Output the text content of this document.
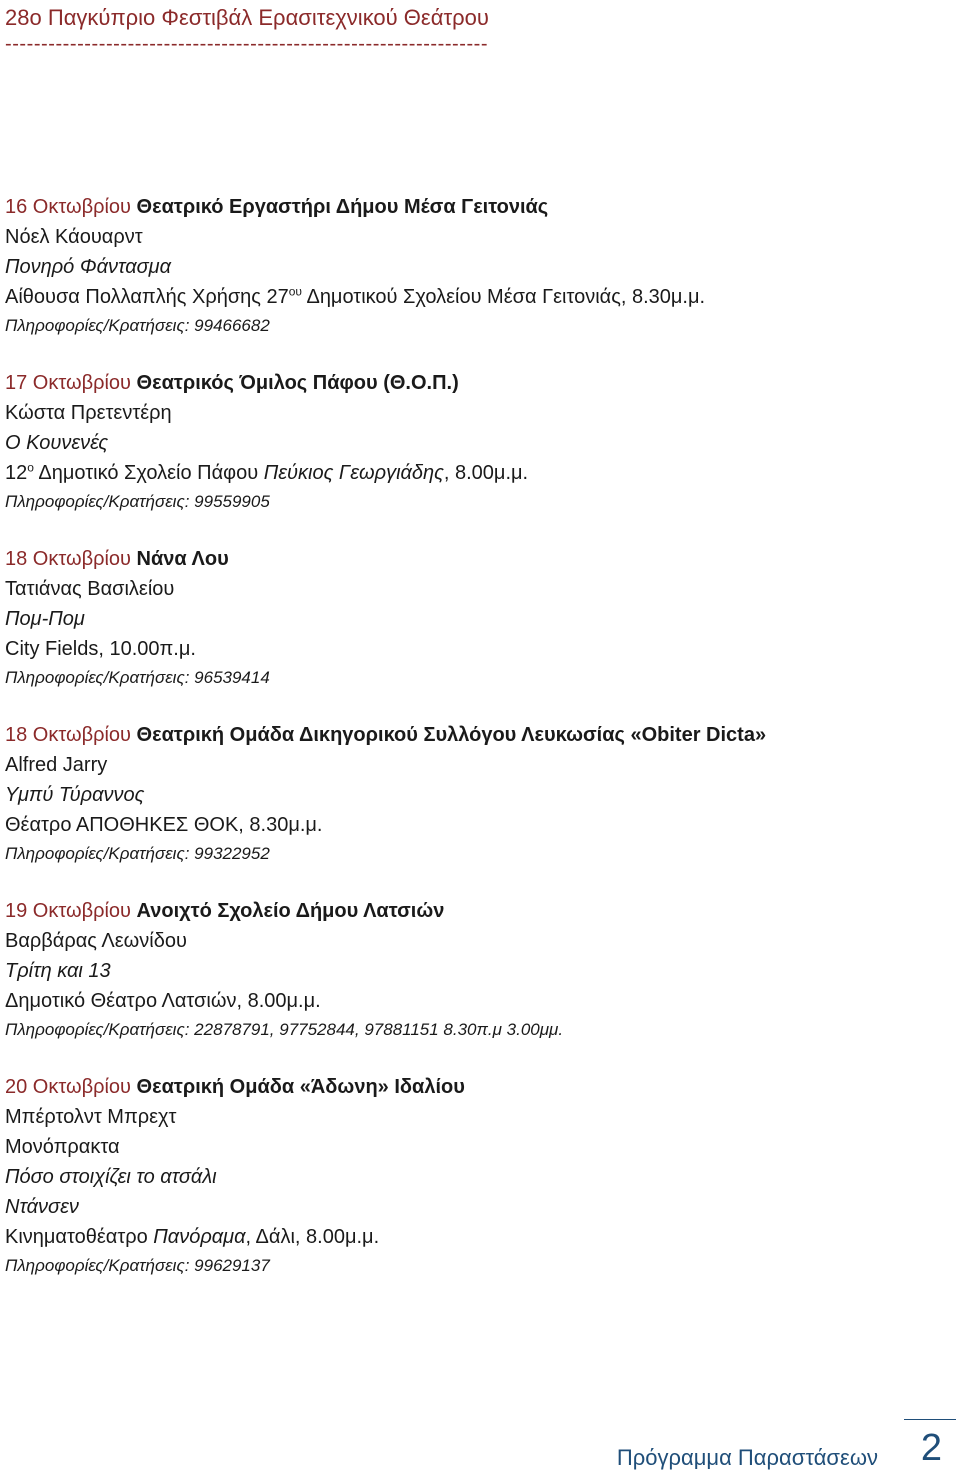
28ο Παγκύπριο Φεστιβάλ Ερασιτεχνικού Θεάτρου
-------------------------------------------------------------------
16 Οκτωβρίου Θεατρικό Εργαστήρι Δήμου Μέσα Γειτονιάς
Νόελ Κάουαρντ
Πονηρό Φάντασμα
Αίθουσα Πολλαπλής Χρήσης $27^{o\upsilon}$ Δημοτικού Σχολείου Μέσα Γειτονιάς, 8.30μ.μ.
Πληροφορίες/Κρατήσεις: 99466682
17 Οκτωβρίου Θεατρικός Όμιλος Πάφου (Θ.Ο.Π.)
Κώστα Πρετεντέρη
Ο Κουνενές
$12^o$ Δημοτικό Σχολείο Πάφου Πεύκιος Γεωργιάδης, 8.00μ.μ.
Πληροφορίες/Κρατήσεις: 99559905
18 Οκτωβρίου Νάνα Λου
Τατιάνας Βασιλείου
Πομ-Πομ
City Fields, 10.00π.μ.
Πληροφορίες/Κρατήσεις: 96539414
18 Οκτωβρίου Θεατρική Ομάδα Δικηγορικού Συλλόγου Λευκωσίας «Obiter Dicta»
Alfred Jarry
Υμπύ Τύραννος
Θέατρο ΑΠΟΘΗΚΕΣ ΘΟΚ, 8.30μ.μ.
Πληροφορίες/Κρατήσεις: 99322952
19 Οκτωβρίου Ανοιχτό Σχολείο Δήμου Λατσιών
Βαρβάρας Λεωνίδου
Τρίτη και 13
Δημοτικό Θέατρο Λατσιών, 8.00μ.μ.
Πληροφορίες/Κρατήσεις: 22878791, 97752844, 97881151 8.30π.μ 3.00μμ.
20 Οκτωβρίου Θεατρική Ομάδα «Άδωνη» Ιδαλίου
Μπέρτολντ Μπρεχτ
Μονόπρακτα
Πόσο στοιχίζει το ατσάλι
Ντάνσεν
Κινηματοθέατρο Πανόραμα, Δάλι, 8.00μ.μ.
Πληροφορίες/Κρατήσεις: 99629137
Πρόγραμμα Παραστάσεων 2
